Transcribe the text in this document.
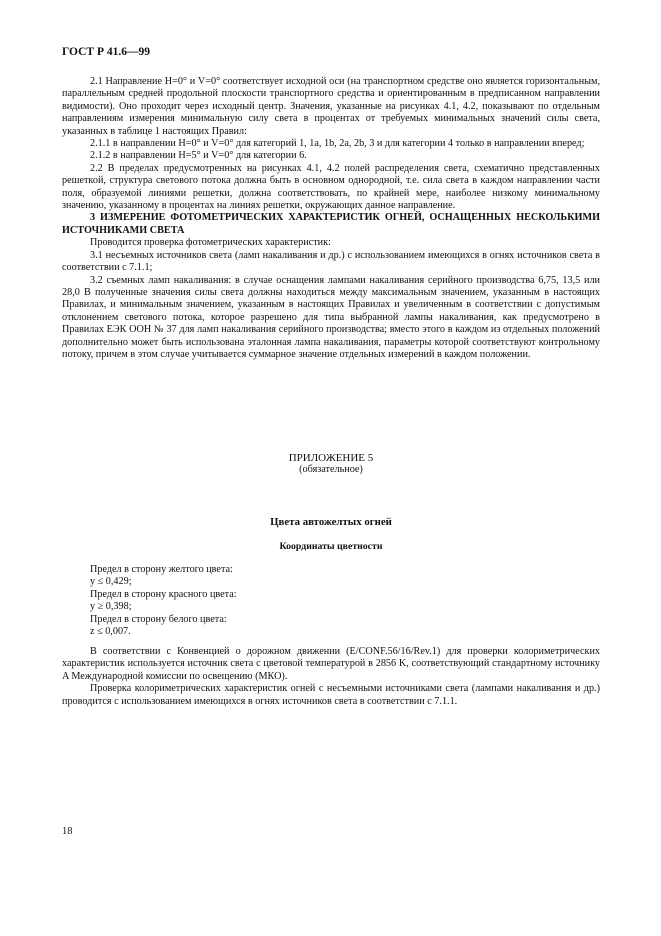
ГОСТ Р 41.6—99

2.1 Направление H=0° и V=0° соответствует исходной оси (на транспортном средстве оно является горизонтальным, параллельным средней продольной плоскости транспортного средства и ориентированным в предписанном направлении видимости). Оно проходит через исходный центр. Значения, указанные на рисунках 4.1, 4.2, показывают по отдельным направлениям измерения минимальную силу света в процентах от требуемых минимальных значений силы света, указанных в таблице 1 настоящих Правил:

2.1.1 в направлении H=0° и V=0° для категорий 1, 1a, 1b, 2a, 2b, 3 и для категории 4 только в направлении вперед;

2.1.2 в направлении H=5° и V=0° для категории 6.

2.2 В пределах предусмотренных на рисунках 4.1, 4.2 полей распределения света, схематично представленных решеткой, структура светового потока должна быть в основном однородной, т.е. сила света в каждом направлении части поля, образуемой линиями решетки, должна соответствовать, по крайней мере, наиболее низкому минимальному значению, указанному в процентах на линиях решетки, окружающих данное направление.

3 ИЗМЕРЕНИЕ ФОТОМЕТРИЧЕСКИХ ХАРАКТЕРИСТИК ОГНЕЙ, ОСНАЩЕННЫХ НЕСКОЛЬКИМИ ИСТОЧНИКАМИ СВЕТА

Проводится проверка фотометрических характеристик:

3.1 несъемных источников света (ламп накаливания и др.) с использованием имеющихся в огнях источников света в соответствии с 7.1.1;

3.2 съемных ламп накаливания: в случае оснащения лампами накаливания серийного производства 6,75, 13,5 или 28,0 В полученные значения силы света должны находиться между максимальным значением, указанным в настоящих Правилах, и минимальным значением, указанным в настоящих Правилах и увеличенным в соответствии с допустимым отклонением светового потока, которое разрешено для типа выбранной лампы накаливания, как предусмотрено в Правилах ЕЭК ООН № 37 для ламп накаливания серийного производства; вместо этого в каждом из отдельных положений дополнительно может быть использована эталонная лампа накаливания, параметры которой соответствуют контрольному потоку, причем в этом случае учитывается суммарное значение отдельных измерений в каждом положении.

ПРИЛОЖЕНИЕ 5

(обязательное)

Цвета автожелтых огней

Координаты цветности

Предел в сторону желтого цвета:

y ≤ 0,429;

Предел в сторону красного цвета:

y ≥ 0,398;

Предел в сторону белого цвета:

z ≤ 0,007.

В соответствии с Конвенцией о дорожном движении (E/CONF.56/16/Rev.1) для проверки колориметрических характеристик используется источник света с цветовой температурой в 2856 K, соответствующий стандартному источнику A Международной комиссии по освещению (МКО).

Проверка колориметрических характеристик огней с несъемными источниками света (лампами накаливания и др.) проводится с использованием имеющихся в огнях источников света в соответствии с 7.1.1.

18
